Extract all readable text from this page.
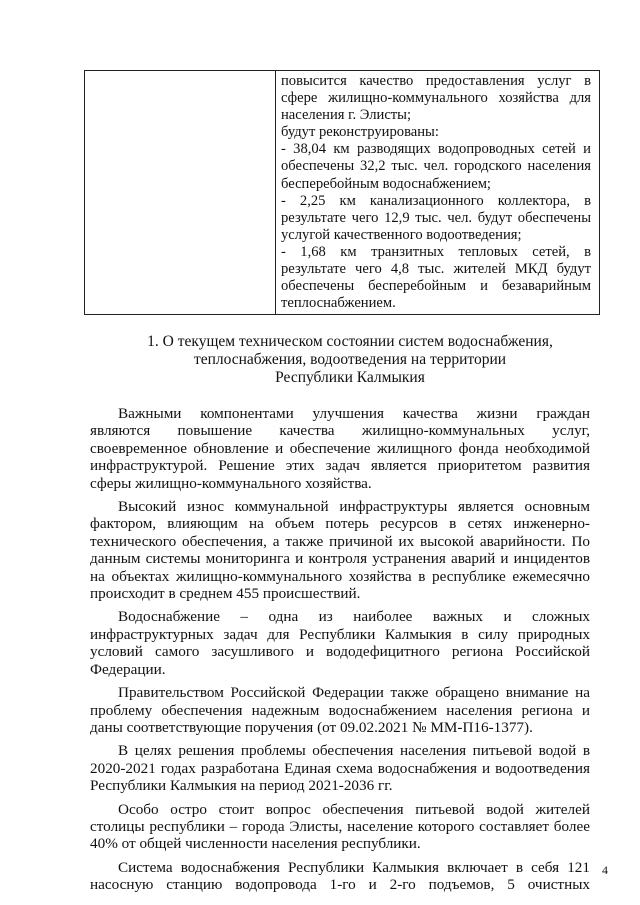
повысится качество предоставления услуг в
сфере жилищно-коммунального хозяйства для
населения г. Элисты;
будут реконструированы:
- 38,04 км разводящих водопроводных сетей и
обеспечены 32,2 тыс. чел. городского населения
бесперебойным водоснабжением;
- 2,25 км канализационного коллектора, в
результате чего 12,9 тыс. чел. будут обеспечены
услугой качественного водоотведения;
- 1,68 км транзитных тепловых сетей, в
результате чего 4,8 тыс. жителей МКД будут
обеспечены бесперебойным и безаварийным
теплоснабжением.
1. О текущем техническом состоянии систем водоснабжения,
теплоснабжения, водоотведения на территории
Республики Калмыкия

Важными компонентами улучшения качества жизни граждан
являются повышение качества жилищно-коммунальных услуг,
своевременное обновление и обеспечение жилищного фонда необходимой
инфраструктурой. Решение этих задач является приоритетом развития
сферы жилищно-коммунального хозяйства.

Высокий износ коммунальной инфраструктуры является основным
фактором, влияющим на объем потерь ресурсов в сетях инженерно-
технического обеспечения, а также причиной их высокой аварийности. По
данным системы мониторинга и контроля устранения аварий и инцидентов
на объектах жилищно-коммунального хозяйства в республике ежемесячно
происходит в среднем 455 происшествий.

Водоснабжение – одна из наиболее важных и сложных
инфраструктурных задач для Республики Калмыкия в силу природных
условий самого засушливого и вододефицитного региона Российской
Федерации.

Правительством Российской Федерации также обращено внимание на
проблему обеспечения надежным водоснабжением населения региона и
даны соответствующие поручения (от 09.02.2021 № ММ-П16-1377).

В целях решения проблемы обеспечения населения питьевой водой в
2020-2021 годах разработана Единая схема водоснабжения и водоотведения
Республики Калмыкия на период 2021-2036 гг.

Особо остро стоит вопрос обеспечения питьевой водой жителей
столицы республики – города Элисты, население которого составляет более
40% от общей численности населения республики.

Система водоснабжения Республики Калмыкия включает в себя 121
насосную станцию водопровода 1-го и 2-го подъемов, 5 очистных

4
